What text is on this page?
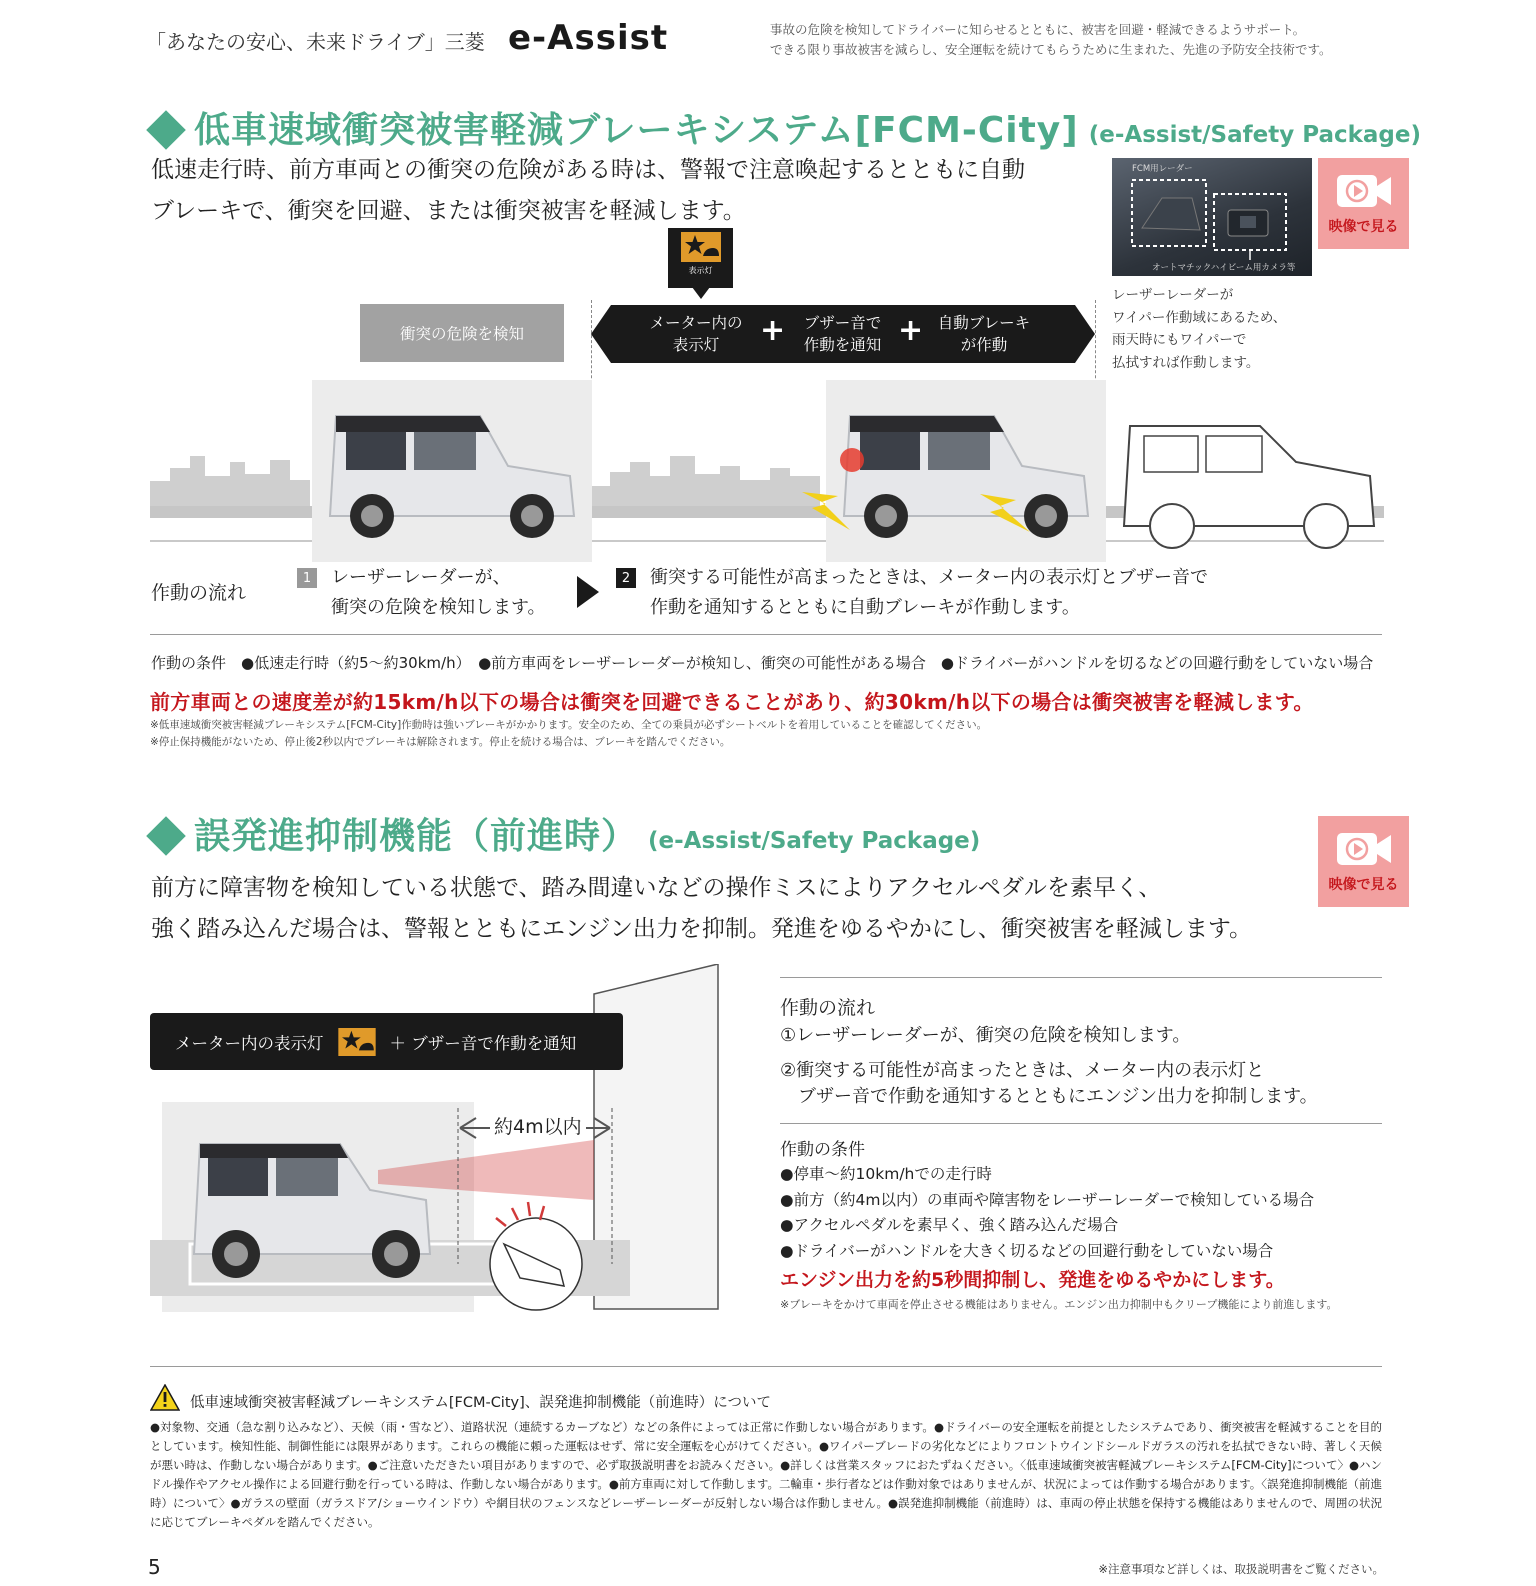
「あなたの安心、未来ドライブ」三菱 e-Assist	事故の危険を検知してドライバーに知らせるとともに、被害を回避・軽減できるようサポート。
できる限り事故被害を減らし、安全運転を続けてもらうために生まれた、先進の予防安全技術です。
低車速域衝突被害軽減ブレーキシステム[FCM-City] (e-Assist/Safety Package)
低速走行時、前方車両との衝突の危険がある時は、警報で注意喚起するとともに自動
ブレーキで、衝突を回避、または衝突被害を軽減します。
FCM用レーダー
オートマチックハイビーム用カメラ等
映像で見る
レーザーレーダーが
ワイパー作動域にあるため、
雨天時にもワイパーで
払拭すれば作動します。
表示灯
衝突の危険を検知
メーター内の
表示灯	+	ブザー音で
作動を通知 + 自動ブレーキ
が作動
作動の流れ
1	レーザーレーダーが、
衝突の危険を検知します。
2	衝突する可能性が高まったときは、メーター内の表示灯とブザー音で
作動を通知するとともに自動ブレーキが作動します。
作動の条件　●低速走行時（約5～約30km/h）　●前方車両をレーザーレーダーが検知し、衝突の可能性がある場合　●ドライバーがハンドルを切るなどの回避行動をしていない場合
前方車両との速度差が約15km/h以下の場合は衝突を回避できることがあり、約30km/h以下の場合は衝突被害を軽減します。
※低車速域衝突被害軽減ブレーキシステム[FCM-City]作動時は強いブレーキがかかります。安全のため、全ての乗員が必ずシートベルトを着用していることを確認してください。
※停止保持機能がないため、停止後2秒以内でブレーキは解除されます。停止を続ける場合は、ブレーキを踏んでください。
誤発進抑制機能（前進時） (e-Assist/Safety Package)
映像で見る
前方に障害物を検知している状態で、踏み間違いなどの操作ミスによりアクセルペダルを素早く、
強く踏み込んだ場合は、警報とともにエンジン出力を抑制。発進をゆるやかにし、衝突被害を軽減します。
約4m以内
メーター内の表示灯	＋ ブザー音で作動を通知
作動の流れ
①レーザーレーダーが、衝突の危険を検知します。
②衝突する可能性が高まったときは、メーター内の表示灯と
　ブザー音で作動を通知するとともにエンジン出力を抑制します。
作動の条件
●停車～約10km/hでの走行時
●前方（約4m以内）の車両や障害物をレーザーレーダーで検知している場合
●アクセルペダルを素早く、強く踏み込んだ場合
●ドライバーがハンドルを大きく切るなどの回避行動をしていない場合
エンジン出力を約5秒間抑制し、発進をゆるやかにします。
※ブレーキをかけて車両を停止させる機能はありません。エンジン出力抑制中もクリープ機能により前進します。
低車速域衝突被害軽減ブレーキシステム[FCM-City]、誤発進抑制機能（前進時）について
●対象物、交通（急な割り込みなど）、天候（雨・雪など）、道路状況（連続するカーブなど）などの条件によっては正常に作動しない場合があります。●ドライバーの安全運転を前提としたシステムであり、衝突被害を軽減することを目的としています。検知性能、制御性能には限界があります。これらの機能に頼った運転はせず、常に安全運転を心がけてください。●ワイパーブレードの劣化などによりフロントウインドシールドガラスの汚れを払拭できない時、著しく天候が悪い時は、作動しない場合があります。●ご注意いただきたい項目がありますので、必ず取扱説明書をお読みください。●詳しくは営業スタッフにおたずねください。〈低車速域衝突被害軽減ブレーキシステム[FCM-City]について〉●ハンドル操作やアクセル操作による回避行動を行っている時は、作動しない場合があります。●前方車両に対して作動します。二輪車・歩行者などは作動対象ではありませんが、状況によっては作動する場合があります。〈誤発進抑制機能（前進時）について〉●ガラスの壁面（ガラスドア/ショーウインドウ）や網目状のフェンスなどレーザーレーダーが反射しない場合は作動しません。●誤発進抑制機能（前進時）は、車両の停止状態を保持する機能はありませんので、周囲の状況に応じてブレーキペダルを踏んでください。
5	※注意事項など詳しくは、取扱説明書をご覧ください。
